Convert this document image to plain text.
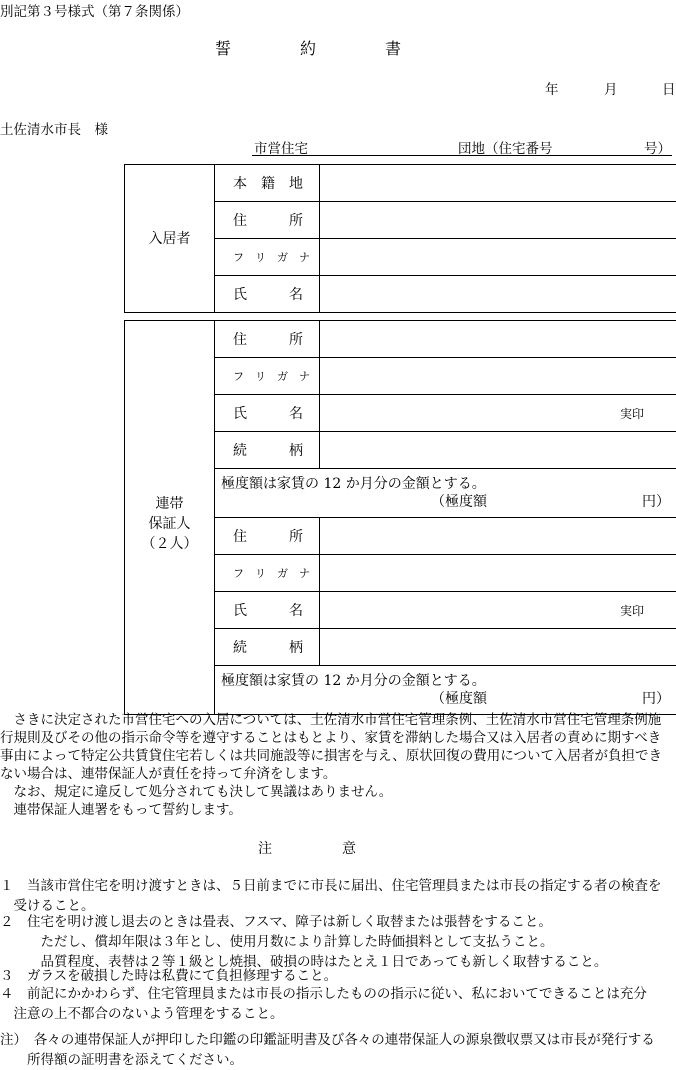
別記第３号様式（第７条関係）
誓　　　　約　　　　書
年	月	日
土佐清水市長　様
市営住宅	団地（住宅番号	号）
入居者	本　籍　地	
	住　　　所	
	フ　リ　ガ　ナ	
	氏　　　名	
連帯
保証人
（２人）	住　　　所	
	フ　リ　ガ　ナ	
	氏　　　名	実印
	続　　　柄	

	極度額は家賃の 12 か月分の金額とする。
（極度額 円）	

	住　　　所	
	フ　リ　ガ　ナ	
	氏　　　名	実印
	続　　　柄	

	極度額は家賃の 12 か月分の金額とする。
（極度額 円）	
　さきに決定された市営住宅への入居については、土佐清水市営住宅管理条例、土佐清水市営住宅管理条例施
行規則及びその他の指示命令等を遵守することはもとより、家賃を滞納した場合又は入居者の責めに期すべき
事由によって特定公共賃貸住宅若しくは共同施設等に損害を与え、原状回復の費用について入居者が負担でき
ない場合は、連帯保証人が責任を持って弁済をします。
　なお、規定に違反して処分されても決して異議はありません。
　連帯保証人連署をもって誓約します。
注　　　　　意
１　当該市営住宅を明け渡すときは、５日前までに市長に届出、住宅管理員または市長の指定する者の検査を
　受けること。
２　住宅を明け渡し退去のときは畳表、フスマ、障子は新しく取替または張替をすること。
　　　ただし、償却年限は３年とし、使用月数により計算した時価損料として支払うこと。
　　　品質程度、表替は２等１級とし焼損、破損の時はたとえ１日であっても新しく取替すること。
３　ガラスを破損した時は私費にて負担修理すること。
４　前記にかかわらず、住宅管理員または市長の指示したものの指示に従い、私においてできることは充分
　注意の上不都合のないよう管理をすること。
注）　各々の連帯保証人が押印した印鑑の印鑑証明書及び各々の連帯保証人の源泉徴収票又は市長が発行する
　　所得額の証明書を添えてください。
